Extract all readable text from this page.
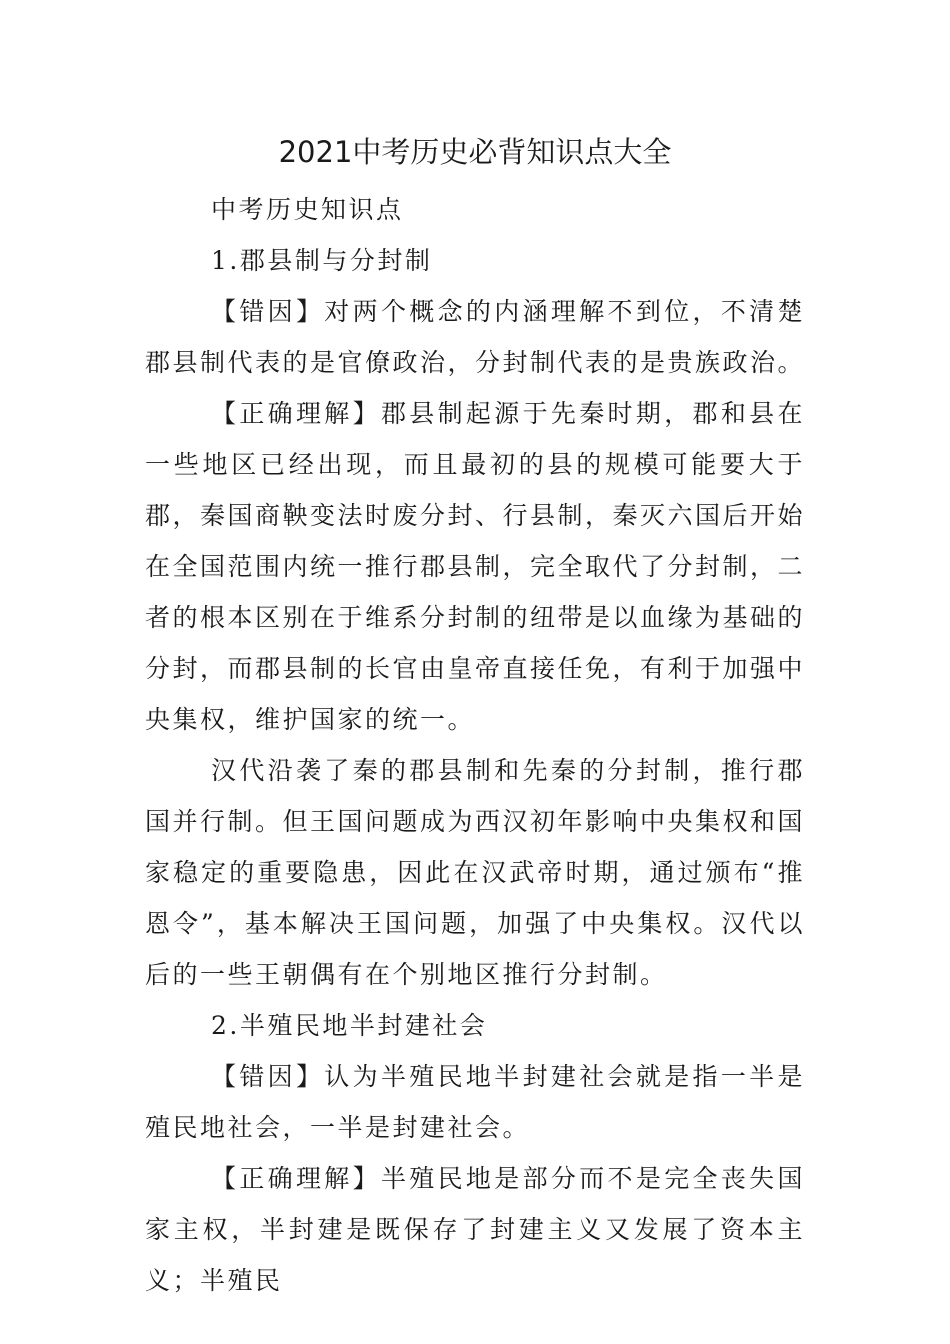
2021中考历史必背知识点大全

中考历史知识点

1.郡县制与分封制

【错因】对两个概念的内涵理解不到位，不清楚郡县制代表的是官僚政治，分封制代表的是贵族政治。

【正确理解】郡县制起源于先秦时期，郡和县在一些地区已经出现，而且最初的县的规模可能要大于郡，秦国商鞅变法时废分封、行县制，秦灭六国后开始在全国范围内统一推行郡县制，完全取代了分封制，二者的根本区别在于维系分封制的纽带是以血缘为基础的分封，而郡县制的长官由皇帝直接任免，有利于加强中央集权，维护国家的统一。

汉代沿袭了秦的郡县制和先秦的分封制，推行郡国并行制。但王国问题成为西汉初年影响中央集权和国家稳定的重要隐患，因此在汉武帝时期，通过颁布“推恩令”，基本解决王国问题，加强了中央集权。汉代以后的一些王朝偶有在个别地区推行分封制。

2.半殖民地半封建社会

【错因】认为半殖民地半封建社会就是指一半是殖民地社会，一半是封建社会。

【正确理解】半殖民地是部分而不是完全丧失国家主权，半封建是既保存了封建主义又发展了资本主义；半殖民
